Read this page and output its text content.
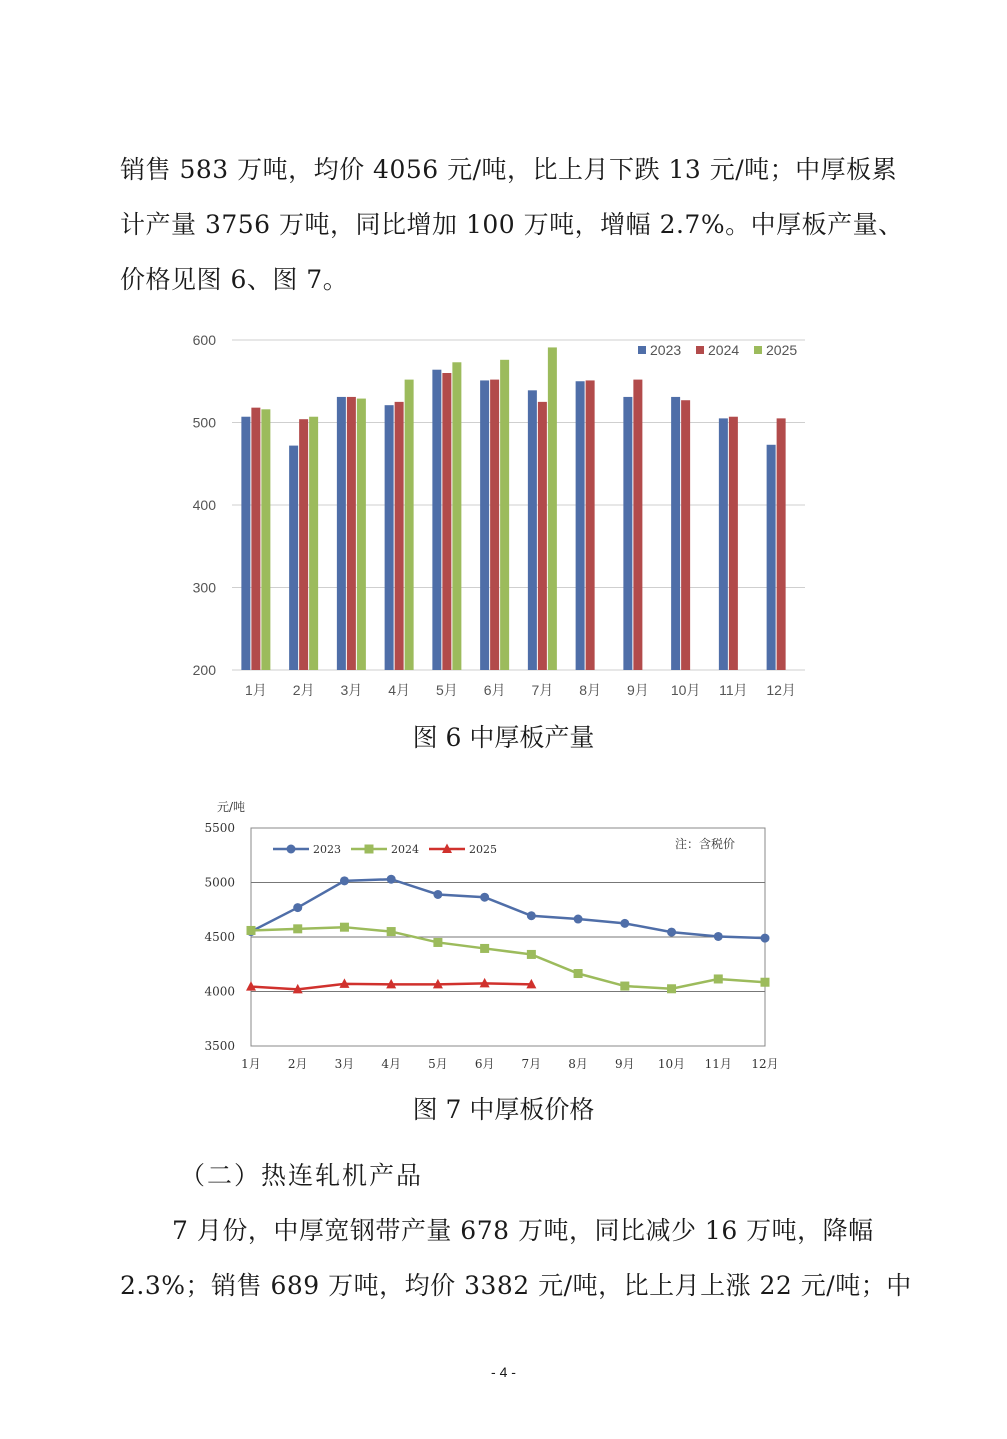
销售 583 万吨，均价 4056 元/吨，比上月下跌 13 元/吨；中厚板累

计产量 3756 万吨，同比增加 100 万吨，增幅 2.7%。中厚板产量、

价格见图 6、图 7。

200
300
400
500
600
1月 2月 3月 4月 5月 6月 7月 8月 9月 10月 11月 12月
2023 2024 2025
图 6 中厚板产量
元/吨
3500
4000
4500
5000
5500
1月 2月 3月 4月 5月 6月 7月 8月 9月 10月 11月 12月
2023	2024	2025	注：含税价
图 7 中厚板价格
（二）热连轧机产品

7 月份，中厚宽钢带产量 678 万吨，同比减少 16 万吨，降幅

2.3%；销售 689 万吨，均价 3382 元/吨，比上月上涨 22 元/吨；中

- 4 -
